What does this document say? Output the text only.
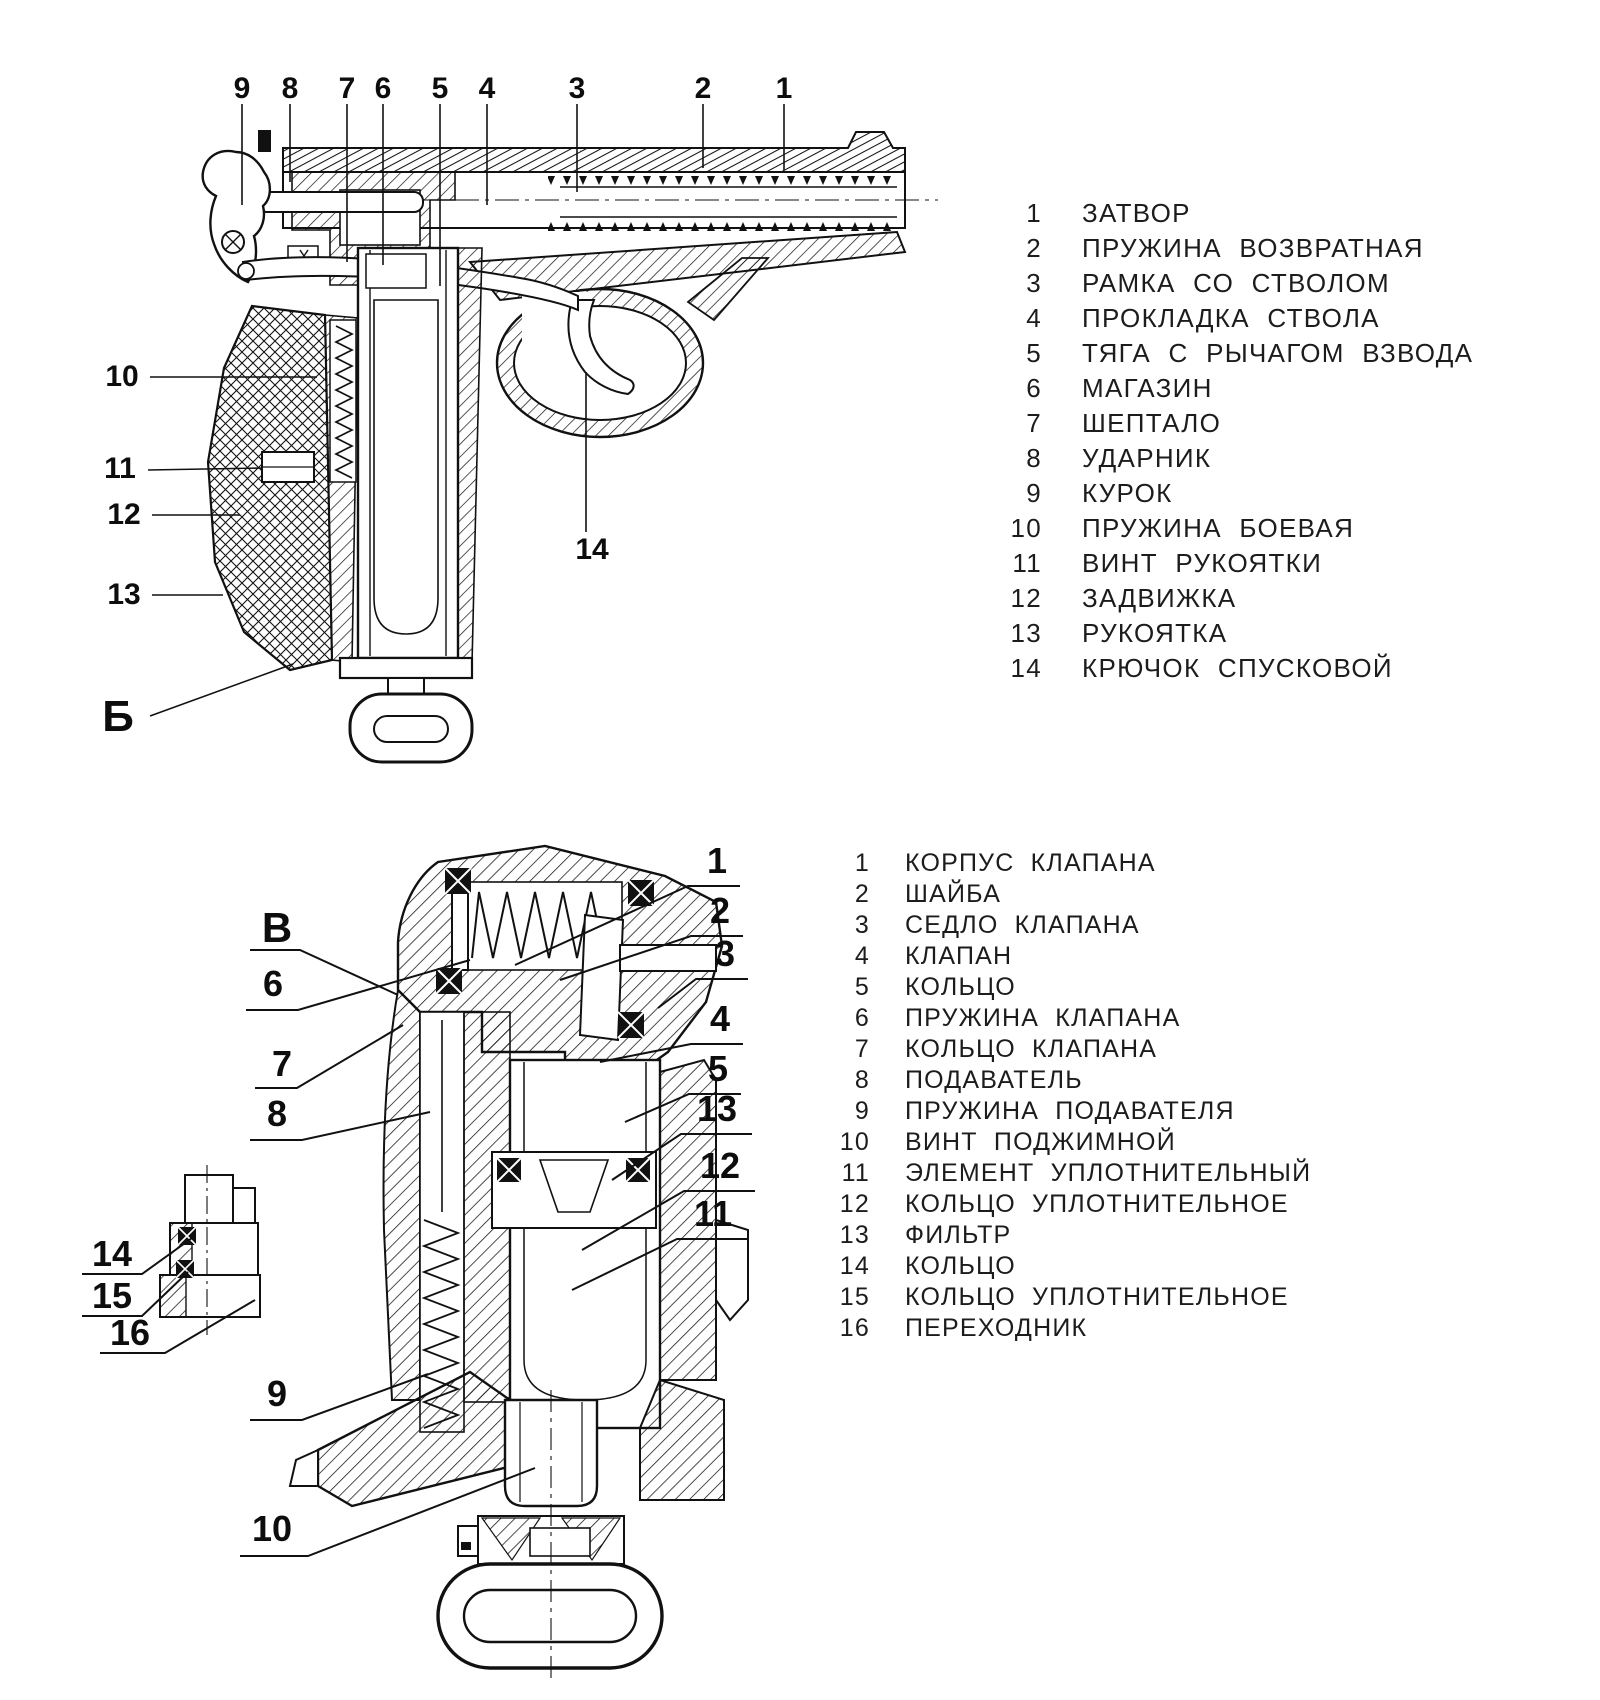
9 8 7 6 5 4 3	2 1
10
11
12
13
14
Б
1
2
3
4
5
13
12
11
В
6
7
8
9
10
14
15
16
1 ЗАТВОР
2 ПРУЖИНА ВОЗВРАТНАЯ
3 РАМКА СО СТВОЛОМ
4 ПРОКЛАДКА СТВОЛА
5 ТЯГА С РЫЧАГОМ ВЗВОДА
6 МАГАЗИН
7 ШЕПТАЛО
8 УДАРНИК
9 КУРОК
10 ПРУЖИНА БОЕВАЯ
11 ВИНТ РУКОЯТКИ
12 ЗАДВИЖКА
13 РУКОЯТКА
14 КРЮЧОК СПУСКОВОЙ
1 КОРПУС КЛАПАНА
2 ШАЙБА
3 СЕДЛО КЛАПАНА
4 КЛАПАН
5 КОЛЬЦО
6 ПРУЖИНА КЛАПАНА
7 КОЛЬЦО КЛАПАНА
8 ПОДАВАТЕЛЬ
9 ПРУЖИНА ПОДАВАТЕЛЯ
10 ВИНТ ПОДЖИМНОЙ
11 ЭЛЕМЕНТ УПЛОТНИТЕЛЬНЫЙ
12 КОЛЬЦО УПЛОТНИТЕЛЬНОЕ
13 ФИЛЬТР
14 КОЛЬЦО
15 КОЛЬЦО УПЛОТНИТЕЛЬНОЕ
16 ПЕРЕХОДНИК
